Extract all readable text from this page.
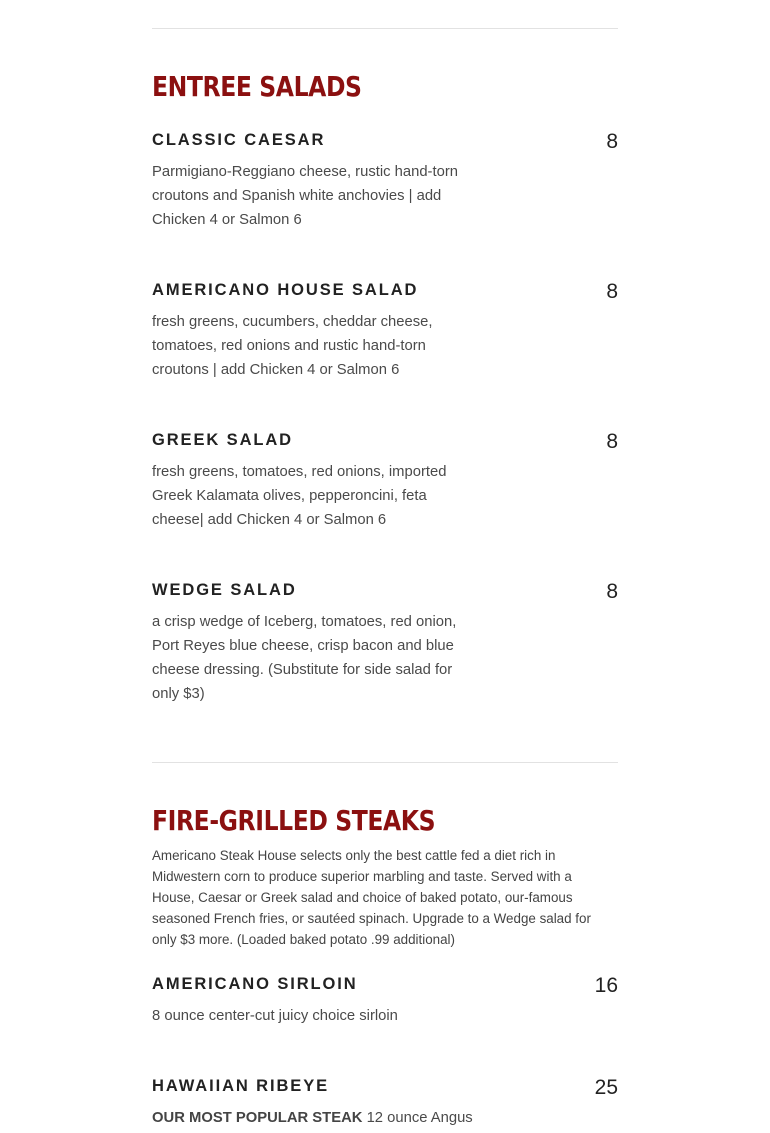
ENTREE SALADS
CLASSIC CAESAR	8

Parmigiano-Reggiano cheese, rustic hand-torn croutons and Spanish white anchovies | add Chicken 4 or Salmon 6

AMERICANO HOUSE SALAD	8

fresh greens, cucumbers, cheddar cheese, tomatoes, red onions and rustic hand-torn croutons | add Chicken 4 or Salmon 6

GREEK SALAD	8

fresh greens, tomatoes, red onions, imported Greek Kalamata olives, pepperoncini, feta cheese| add Chicken 4 or Salmon 6

WEDGE SALAD	8

a crisp wedge of Iceberg, tomatoes, red onion, Port Reyes blue cheese, crisp bacon and blue cheese dressing. (Substitute for side salad for only $3)

FIRE-GRILLED STEAKS

Americano Steak House selects only the best cattle fed a diet rich in Midwestern corn to produce superior marbling and taste. Served with a House, Caesar or Greek salad and choice of baked potato, our-famous seasoned French fries, or sautéed spinach. Upgrade to a Wedge salad for only $3 more. (Loaded baked potato .99 additional)

AMERICANO SIRLOIN	16

8 ounce center-cut juicy choice sirloin

HAWAIIAN RIBEYE	25

OUR MOST POPULAR STEAK 12 ounce Angus
